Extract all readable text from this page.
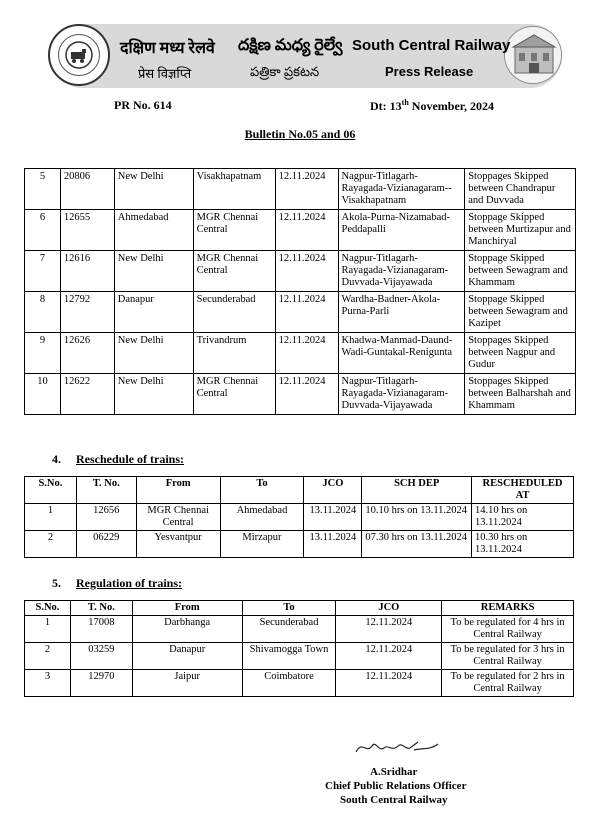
दक्षिण मध्य रेलवे దక్షిణ మధ్య రైల్వే South Central Railway
प्रेस विज्ञप्ति	పత్రికా ప్రకటన	Press Release
PR No. 614	Dt: 13th November, 2024
Bulletin No.05 and 06
5	20806	New Delhi	Visakhapatnam	12.11.2024	Nagpur-Titlagarh-Rayagada-Vizianagaram--Visakhapatnam	Stoppages Skipped between Chandrapur and Duvvada
6	12655	Ahmedabad	MGR Chennai Central	12.11.2024	Akola-Purna-Nizamabad-Peddapalli	Stoppage Skipped between Murtizapur and Manchiryal
7	12616	New Delhi	MGR Chennai Central	12.11.2024	Nagpur-Titlagarh-Rayagada-Vizianagaram-Duvvada-Vijayawada	Stoppage Skipped between Sewagram and Khammam
8	12792	Danapur	Secunderabad	12.11.2024	Wardha-Badner-Akola-Purna-Parli	Stoppage Skipped between Sewagram and Kazipet
9	12626	New Delhi	Trivandrum	12.11.2024	Khadwa-Manmad-Daund-Wadi-Guntakal-Renigunta	Stoppages Skipped between Nagpur and Gudur
10	12622	New Delhi	MGR Chennai Central	12.11.2024	Nagpur-Titlagarh-Rayagada-Vizianagaram-Duvvada-Vijayawada	Stoppages Skipped between Balharshah and Khammam
4. Reschedule of trains:
S.No.	T. No.	From	To	JCO	SCH DEP	RESCHEDULED AT
1	12656	MGR Chennai Central	Ahmedabad	13.11.2024	10.10 hrs on 13.11.2024	14.10 hrs on 13.11.2024
2	06229	Yesvantpur	Mirzapur	13.11.2024	07.30 hrs on 13.11.2024	10.30 hrs on 13.11.2024
5. Regulation of trains:
S.No.	T. No.	From	To	JCO	REMARKS
1	17008	Darbhanga	Secunderabad	12.11.2024	To be regulated for 4 hrs in Central Railway
2	03259	Danapur	Shivamogga Town	12.11.2024	To be regulated for 3 hrs in Central Railway
3	12970	Jaipur	Coimbatore	12.11.2024	To be regulated for 2 hrs in Central Railway
A.Sridhar
Chief Public Relations Officer
South Central Railway
